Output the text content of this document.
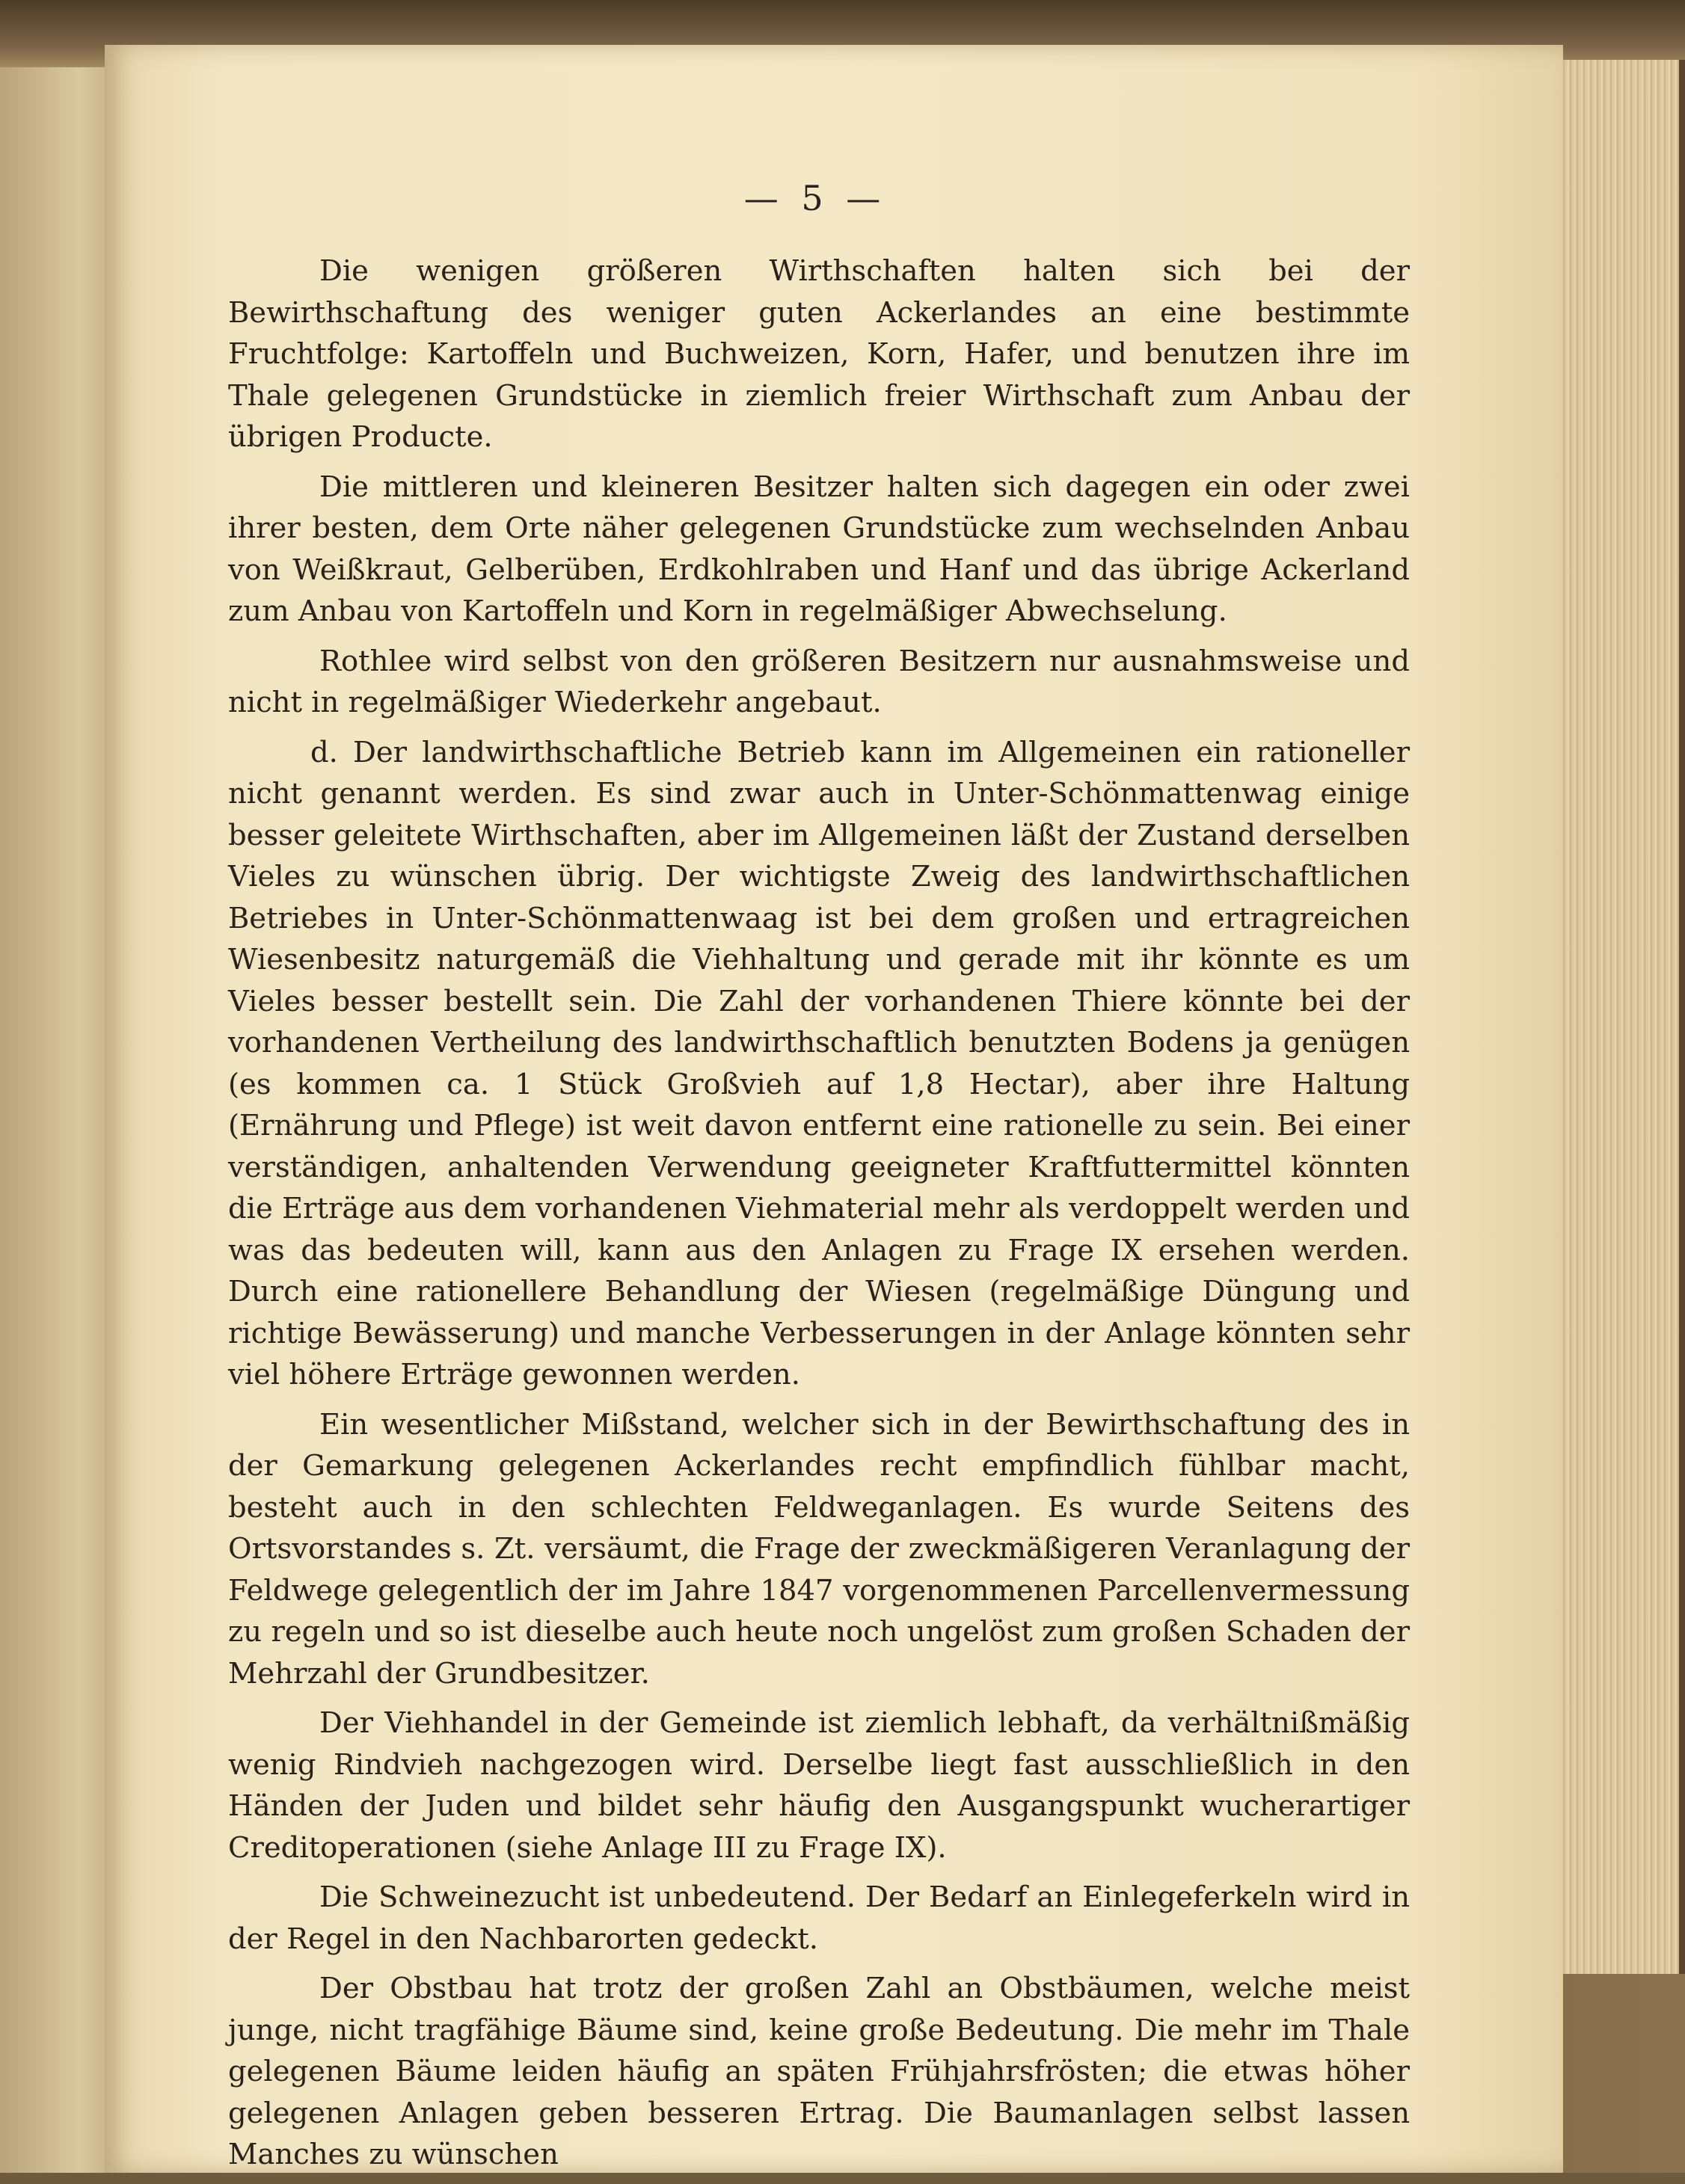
— 5 —

Die wenigen größeren Wirthschaften halten sich bei der Bewirthschaftung des weniger guten Ackerlandes an eine bestimmte Fruchtfolge: Kartoffeln und Buchweizen, Korn, Hafer, und benutzen ihre im Thale gelegenen Grundstücke in ziemlich freier Wirthschaft zum Anbau der übrigen Producte.

Die mittleren und kleineren Besitzer halten sich dagegen ein oder zwei ihrer besten, dem Orte näher gelegenen Grundstücke zum wechselnden Anbau von Weißkraut, Gelberüben, Erdkohlraben und Hanf und das übrige Ackerland zum Anbau von Kartoffeln und Korn in regelmäßiger Abwechselung.

Rothlee wird selbst von den größeren Besitzern nur ausnahmsweise und nicht in regelmäßiger Wiederkehr angebaut.

d. Der landwirthschaftliche Betrieb kann im Allgemeinen ein rationeller nicht genannt werden. Es sind zwar auch in Unter-Schönmattenwag einige besser geleitete Wirthschaften, aber im Allgemeinen läßt der Zustand derselben Vieles zu wünschen übrig. Der wichtigste Zweig des landwirthschaftlichen Betriebes in Unter-Schönmattenwaag ist bei dem großen und ertragreichen Wiesenbesitz naturgemäß die Viehhaltung und gerade mit ihr könnte es um Vieles besser bestellt sein. Die Zahl der vorhandenen Thiere könnte bei der vorhandenen Vertheilung des landwirthschaftlich benutzten Bodens ja genügen (es kommen ca. 1 Stück Großvieh auf 1,8 Hectar), aber ihre Haltung (Ernährung und Pflege) ist weit davon entfernt eine rationelle zu sein. Bei einer verständigen, anhaltenden Verwendung geeigneter Kraftfuttermittel könnten die Erträge aus dem vorhandenen Viehmaterial mehr als verdoppelt werden und was das bedeuten will, kann aus den Anlagen zu Frage IX ersehen werden. Durch eine rationellere Behandlung der Wiesen (regelmäßige Düngung und richtige Bewässerung) und manche Verbesserungen in der Anlage könnten sehr viel höhere Erträge gewonnen werden.

Ein wesentlicher Mißstand, welcher sich in der Bewirthschaftung des in der Gemarkung gelegenen Ackerlandes recht empfindlich fühlbar macht, besteht auch in den schlechten Feldweganlagen. Es wurde Seitens des Ortsvorstandes s. Zt. versäumt, die Frage der zweckmäßigeren Veranlagung der Feldwege gelegentlich der im Jahre 1847 vorgenommenen Parcellenvermessung zu regeln und so ist dieselbe auch heute noch ungelöst zum großen Schaden der Mehrzahl der Grundbesitzer.

Der Viehhandel in der Gemeinde ist ziemlich lebhaft, da verhältnißmäßig wenig Rindvieh nachgezogen wird. Derselbe liegt fast ausschließlich in den Händen der Juden und bildet sehr häufig den Ausgangspunkt wucherartiger Creditoperationen (siehe Anlage III zu Frage IX).

Die Schweinezucht ist unbedeutend. Der Bedarf an Einlegeferkeln wird in der Regel in den Nachbarorten gedeckt.

Der Obstbau hat trotz der großen Zahl an Obstbäumen, welche meist junge, nicht tragfähige Bäume sind, keine große Bedeutung. Die mehr im Thale gelegenen Bäume leiden häufig an späten Frühjahrsfrösten; die etwas höher gelegenen Anlagen geben besseren Ertrag. Die Baumanlagen selbst lassen Manches zu wünschen
